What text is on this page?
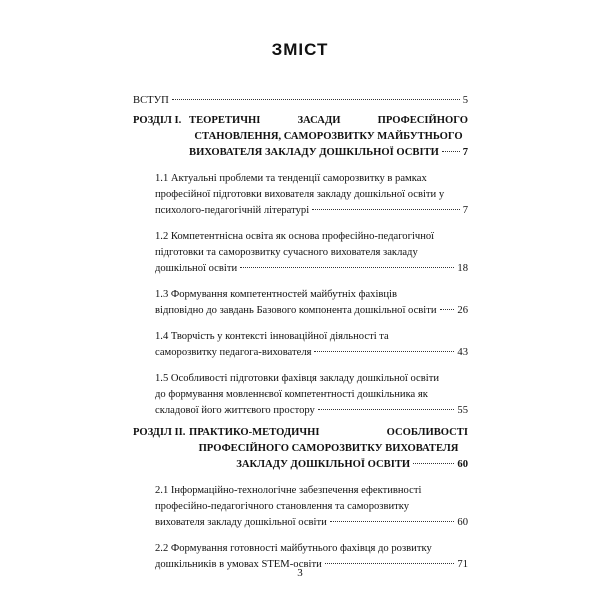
ЗМІСТ
ВСТУП	5
РОЗДІЛ І. ТЕОРЕТИЧНІ ЗАСАДИ ПРОФЕСІЙНОГО
СТАНОВЛЕННЯ, САМОРОЗВИТКУ МАЙБУТНЬОГО
ВИХОВАТЕЛЯ ЗАКЛАДУ ДОШКІЛЬНОЇ ОСВІТИ 7
1.1 Актуальні проблеми та тенденції саморозвитку в рамках
професійної підготовки вихователя закладу дошкільної освіти у
психолого-педагогічній літературі	7
1.2 Компетентнісна освіта як основа професійно-педагогічної
підготовки та саморозвитку сучасного вихователя закладу
дошкільної освіти	18
1.3 Формування компетентностей майбутніх фахівців
відповідно до завдань Базового компонента дошкільної освіти 26
1.4 Творчість у контексті інноваційної діяльності та
саморозвитку педагога-вихователя	43
1.5 Особливості підготовки фахівця закладу дошкільної освіти
до формування мовленнєвої компетентності дошкільника як
складової його життєвого простору	55
РОЗДІЛ ІІ. ПРАКТИКО-МЕТОДИЧНІ ОСОБЛИВОСТІ
ПРОФЕСІЙНОГО САМОРОЗВИТКУ ВИХОВАТЕЛЯ
ЗАКЛАДУ ДОШКІЛЬНОЇ ОСВІТИ	60
2.1 Інформаційно-технологічне забезпечення ефективності
професійно-педагогічного становлення та саморозвитку
вихователя закладу дошкільної освіти	60
2.2 Формування готовності майбутнього фахівця до розвитку
дошкільників в умовах STEM-освіти	71
3
